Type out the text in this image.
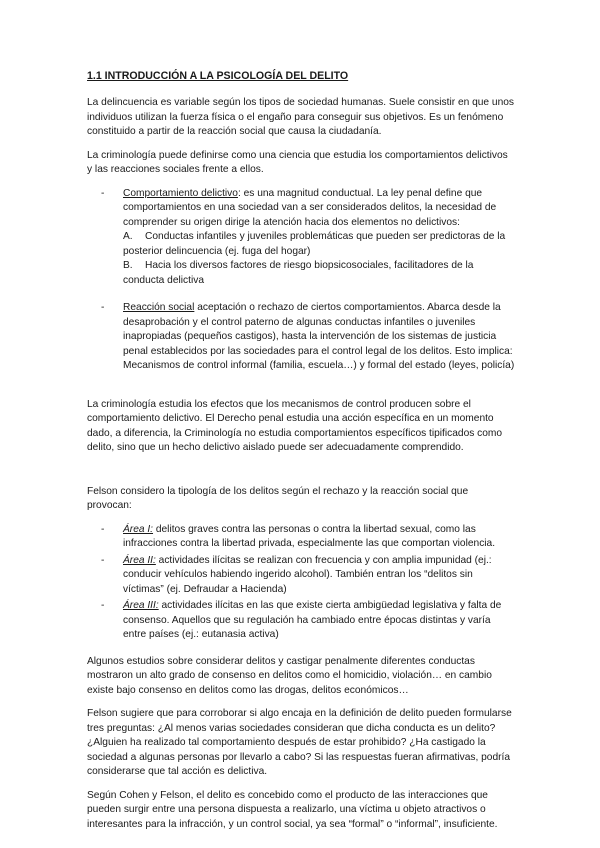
1.1 INTRODUCCIÓN A LA PSICOLOGÍA DEL DELITO

La delincuencia es variable según los tipos de sociedad humanas. Suele consistir en que unos individuos utilizan la fuerza física o el engaño para conseguir sus objetivos. Es un fenómeno constituido a partir de la reacción social que causa la ciudadanía.

La criminología puede definirse como una ciencia que estudia los comportamientos delictivos y las reacciones sociales frente a ellos.

- Comportamiento delictivo: es una magnitud conductual. La ley penal define que comportamientos en una sociedad van a ser considerados delitos, la necesidad de comprender su origen dirige la atención hacia dos elementos no delictivos:
A. Conductas infantiles y juveniles problemáticas que pueden ser predictoras de la posterior delincuencia (ej. fuga del hogar)
B. Hacia los diversos factores de riesgo biopsicosociales, facilitadores de la conducta delictiva
- Reacción social aceptación o rechazo de ciertos comportamientos. Abarca desde la desaprobación y el control paterno de algunas conductas infantiles o juveniles inapropiadas (pequeños castigos), hasta la intervención de los sistemas de justicia penal establecidos por las sociedades para el control legal de los delitos. Esto implica: Mecanismos de control informal (familia, escuela…) y formal del estado (leyes, policía)

La criminología estudia los efectos que los mecanismos de control producen sobre el comportamiento delictivo. El Derecho penal estudia una acción específica en un momento dado, a diferencia, la Criminología no estudia comportamientos específicos tipificados como delito, sino que un hecho delictivo aislado puede ser adecuadamente comprendido.

Felson considero la tipología de los delitos según el rechazo y la reacción social que provocan:

- Área I: delitos graves contra las personas o contra la libertad sexual, como las infracciones contra la libertad privada, especialmente las que comportan violencia.
- Área II: actividades ilícitas se realizan con frecuencia y con amplia impunidad (ej.: conducir vehículos habiendo ingerido alcohol). También entran los “delitos sin víctimas” (ej. Defraudar a Hacienda)
- Área III: actividades ilícitas en las que existe cierta ambigüedad legislativa y falta de consenso. Aquellos que su regulación ha cambiado entre épocas distintas y varía entre países (ej.: eutanasia activa)

Algunos estudios sobre considerar delitos y castigar penalmente diferentes conductas mostraron un alto grado de consenso en delitos como el homicidio, violación… en cambio existe bajo consenso en delitos como las drogas, delitos económicos…

Felson sugiere que para corroborar si algo encaja en la definición de delito pueden formularse tres preguntas: ¿Al menos varias sociedades consideran que dicha conducta es un delito? ¿Alguien ha realizado tal comportamiento después de estar prohibido? ¿Ha castigado la sociedad a algunas personas por llevarlo a cabo? Si las respuestas fueran afirmativas, podría considerarse que tal acción es delictiva.

Según Cohen y Felson, el delito es concebido como el producto de las interacciones que pueden surgir entre una persona dispuesta a realizarlo, una víctima u objeto atractivos o interesantes para la infracción, y un control social, ya sea “formal” o “informal”, insuficiente.
